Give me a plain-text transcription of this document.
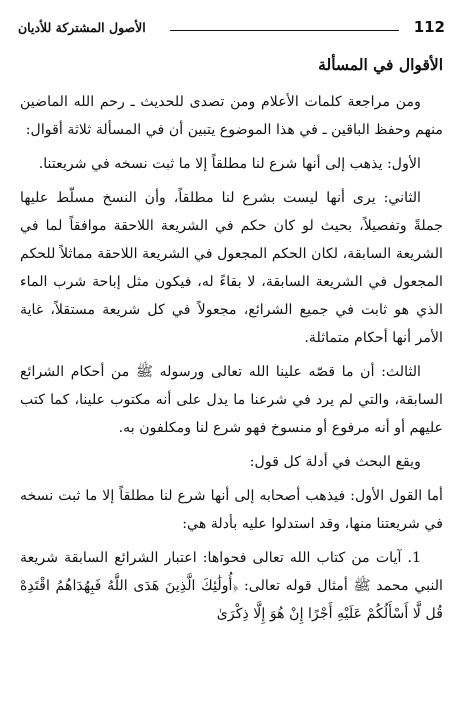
الأصول المشتركة للأديان	112
الأقوال في المسألة

ومن مراجعة كلمات الأعلام ومن تصدى للحديث ـ رحم الله الماضين منهم وحفظ الباقين ـ في هذا الموضوع يتبين أن في المسألة ثلاثة أقوال:

الأول: يذهب إلى أنها شرع لنا مطلقاً إلا ما ثبت نسخه في شريعتنا.

الثاني: يرى أنها ليست بشرع لنا مطلقاً، وأن النسخ مسلّط عليها جملةً وتفصيلاً، بحيث لو كان حكم في الشريعة اللاحقة موافقاً لما في الشريعة السابقة، لكان الحكم المجعول في الشريعة اللاحقة مماثلاً للحكم المجعول في الشريعة السابقة، لا بقاءً له، فيكون مثل إباحة شرب الماء الذي هو ثابت في جميع الشرائع، مجعولاً في كل شريعة مستقلاً، غاية الأمر أنها أحكام متماثلة.

الثالث: أن ما قصّه علينا الله تعالى ورسوله ﷺ من أحكام الشرائع السابقة، والتي لم يرد في شرعنا ما يدل على أنه مكتوب علينا، كما كتب عليهم أو أنه مرفوع أو منسوخ فهو شرع لنا ومكلفون به.

ويقع البحث في أدلة كل قول:

أما القول الأول: فيذهب أصحابه إلى أنها شرع لنا مطلقاً إلا ما ثبت نسخه في شريعتنا منها، وقد استدلوا عليه بأدلة هي:

1. آيات من كتاب الله تعالى فحواها: اعتبار الشرائع السابقة شريعة النبي محمد ﷺ أمثال قوله تعالى: ﴿أُولَٰئِكَ الَّذِينَ هَدَى اللَّهُ فَبِهُدَاهُمُ اقْتَدِهْ قُل لَّا أَسْأَلُكُمْ عَلَيْهِ أَجْرًا إِنْ هُوَ إِلَّا ذِكْرَىٰ
